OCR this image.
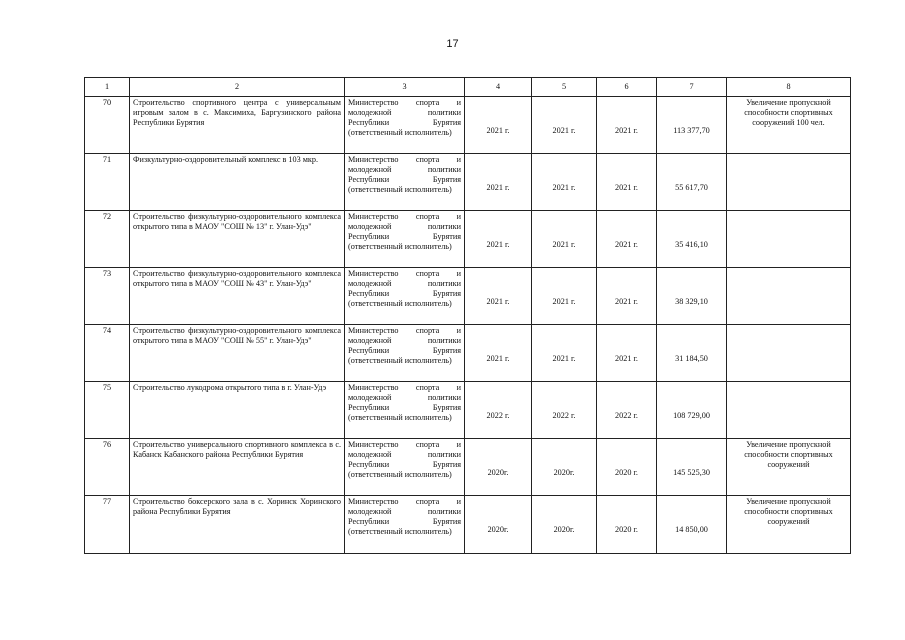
17
1	2	3	4	5	6	7	8
70	Строительство спортивного центра с универсальным игровым залом в с. Максимиха, Баргузинского района Республики Бурятия	Министерство спорта и молодежной политики Республики Бурятия (ответственный исполнитель)	2021 г.	2021 г.	2021 г.	113 377,70	Увеличение пропускной способности спортивных сооружений 100 чел.
71	Физкультурно-оздоровительный комплекс в 103 мкр.	Министерство спорта и молодежной политики Республики Бурятия (ответственный исполнитель)	2021 г.	2021 г.	2021 г.	55 617,70	
72	Строительство физкультурно-оздоровительного комплекса открытого типа в МАОУ "СОШ № 13" г. Улан-Удэ"	Министерство спорта и молодежной политики Республики Бурятия (ответственный исполнитель)	2021 г.	2021 г.	2021 г.	35 416,10	
73	Строительство физкультурно-оздоровительного комплекса открытого типа в МАОУ "СОШ № 43" г. Улан-Удэ"	Министерство спорта и молодежной политики Республики Бурятия (ответственный исполнитель)	2021 г.	2021 г.	2021 г.	38 329,10	
74	Строительство физкультурно-оздоровительного комплекса открытого типа в МАОУ "СОШ № 55" г. Улан-Удэ"	Министерство спорта и молодежной политики Республики Бурятия (ответственный исполнитель)	2021 г.	2021 г.	2021 г.	31 184,50	
75	Строительство лукодрома открытого типа в г. Улан-Удэ	Министерство спорта и молодежной политики Республики Бурятия (ответственный исполнитель)	2022 г.	2022 г.	2022 г.	108 729,00	
76	Строительство универсального спортивного комплекса в с. Кабанск Кабанского района Республики Бурятия	Министерство спорта и молодежной политики Республики Бурятия (ответственный исполнитель)	2020г.	2020г.	2020 г.	145 525,30	Увеличение пропускной способности спортивных сооружений
77	Строительство боксерского зала в с. Хоринск Хоринского района Республики Бурятия	Министерство спорта и молодежной политики Республики Бурятия (ответственный исполнитель)	2020г.	2020г.	2020 г.	14 850,00	Увеличение пропускной способности спортивных сооружений
